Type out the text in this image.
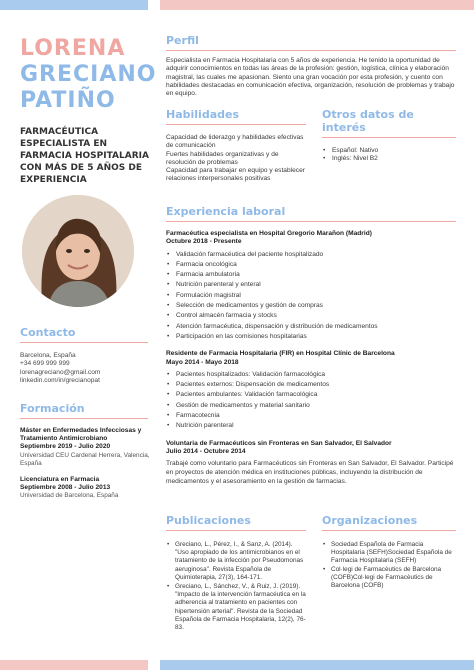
LORENA
GRECIANO
PATIÑO
FARMACÉUTICA ESPECIALISTA EN FARMACIA HOSPITALARIA CON MÁS DE 5 AÑOS DE EXPERIENCIA
Contacto
Barcelona, España
+34 699 999 999
lorenagreciano@gmail.com
linkedin.com/in/grecianopat
Formación
Máster en Enfermedades Infecciosas y Tratamiento Antimicrobiano
Septiembre 2019 - Julio 2020
Universidad CEU Cardenal Herrera, Valencia, España
Licenciatura en Farmacia
Septiembre 2008 - Julio 2013
Universidad de Barcelona, España
Perfil
Especialista en Farmacia Hospitalaria con 5 años de experiencia. He tenido la oportunidad de adquirir conocimientos en todas las áreas de la profesión: gestión, logística, clínica y elaboración magistral, las cuales me apasionan. Siento una gran vocación por esta profesión, y cuento con habilidades destacadas en comunicación efectiva, organización, resolución de problemas y trabajo en equipo.
Habilidades
Capacidad de liderazgo y habilidades efectivas de comunicación
Fuertes habilidades organizativas y de resolución de problemas
Capacidad para trabajar en equipo y establecer relaciones interpersonales positivas
Otros datos de interés
• Español: Nativo
• Inglés: Nivel B2
Experiencia laboral
Farmacéutica especialista en Hospital Gregorio Marañon (Madrid)
Octubre 2018 - Presente
• Validación farmacéutica del paciente hospitalizado
• Farmacia oncológica
• Farmacia ambulatoria
• Nutrición parenteral y enteral
• Formulación magistral
• Selección de medicamentos y gestión de compras
• Control almacén farmacia y stocks
• Atención farmacéutica, dispensación y distribución de medicamentos
• Participación en las comisiones hospitalarias
Residente de Farmacia Hospitalaria (FIR) en Hospital Clínic de Barcelona
Mayo 2014 - Mayo 2018
• Pacientes hospitalizados: Validación farmacológica
• Pacientes externos: Dispensación de medicamentos
• Pacientes ambulantes: Validación farmacológica
• Gestión de medicamentos y material sanitario
• Farmacotecnia
• Nutrición parenteral
Voluntaria de Farmacéuticos sin Fronteras en San Salvador, El Salvador
Julio 2014 - Octubre 2014
Trabajé como voluntario para Farmacéuticos sin Fronteras en San Salvador, El Salvador. Participé en proyectos de atención médica en instituciones públicas, incluyendo la distribución de medicamentos y el asesoramiento en la gestión de farmacias.
Publicaciones
• Greciano, L., Pérez, I., & Sanz, A. (2014). "Uso apropiado de los antimicrobianos en el tratamiento de la infección por Pseudomonas aeruginosa". Revista Española de Quimioterapia, 27(3), 164-171.
• Greciano, L., Sánchez, V., & Ruiz, J. (2019). "Impacto de la intervención farmacéutica en la adherencia al tratamiento en pacientes con hipertensión arterial". Revista de la Sociedad Española de Farmacia Hospitalaria, 12(2), 76-83.
Organizaciones
• Sociedad Española de Farmacia Hospitalaria (SEFH)Sociedad Española de Farmacia Hospitalaria (SEFH)
• Col·legi de Farmacèutics de Barcelona (COFB)Col·legi de Farmacèutics de Barcelona (COFB)
